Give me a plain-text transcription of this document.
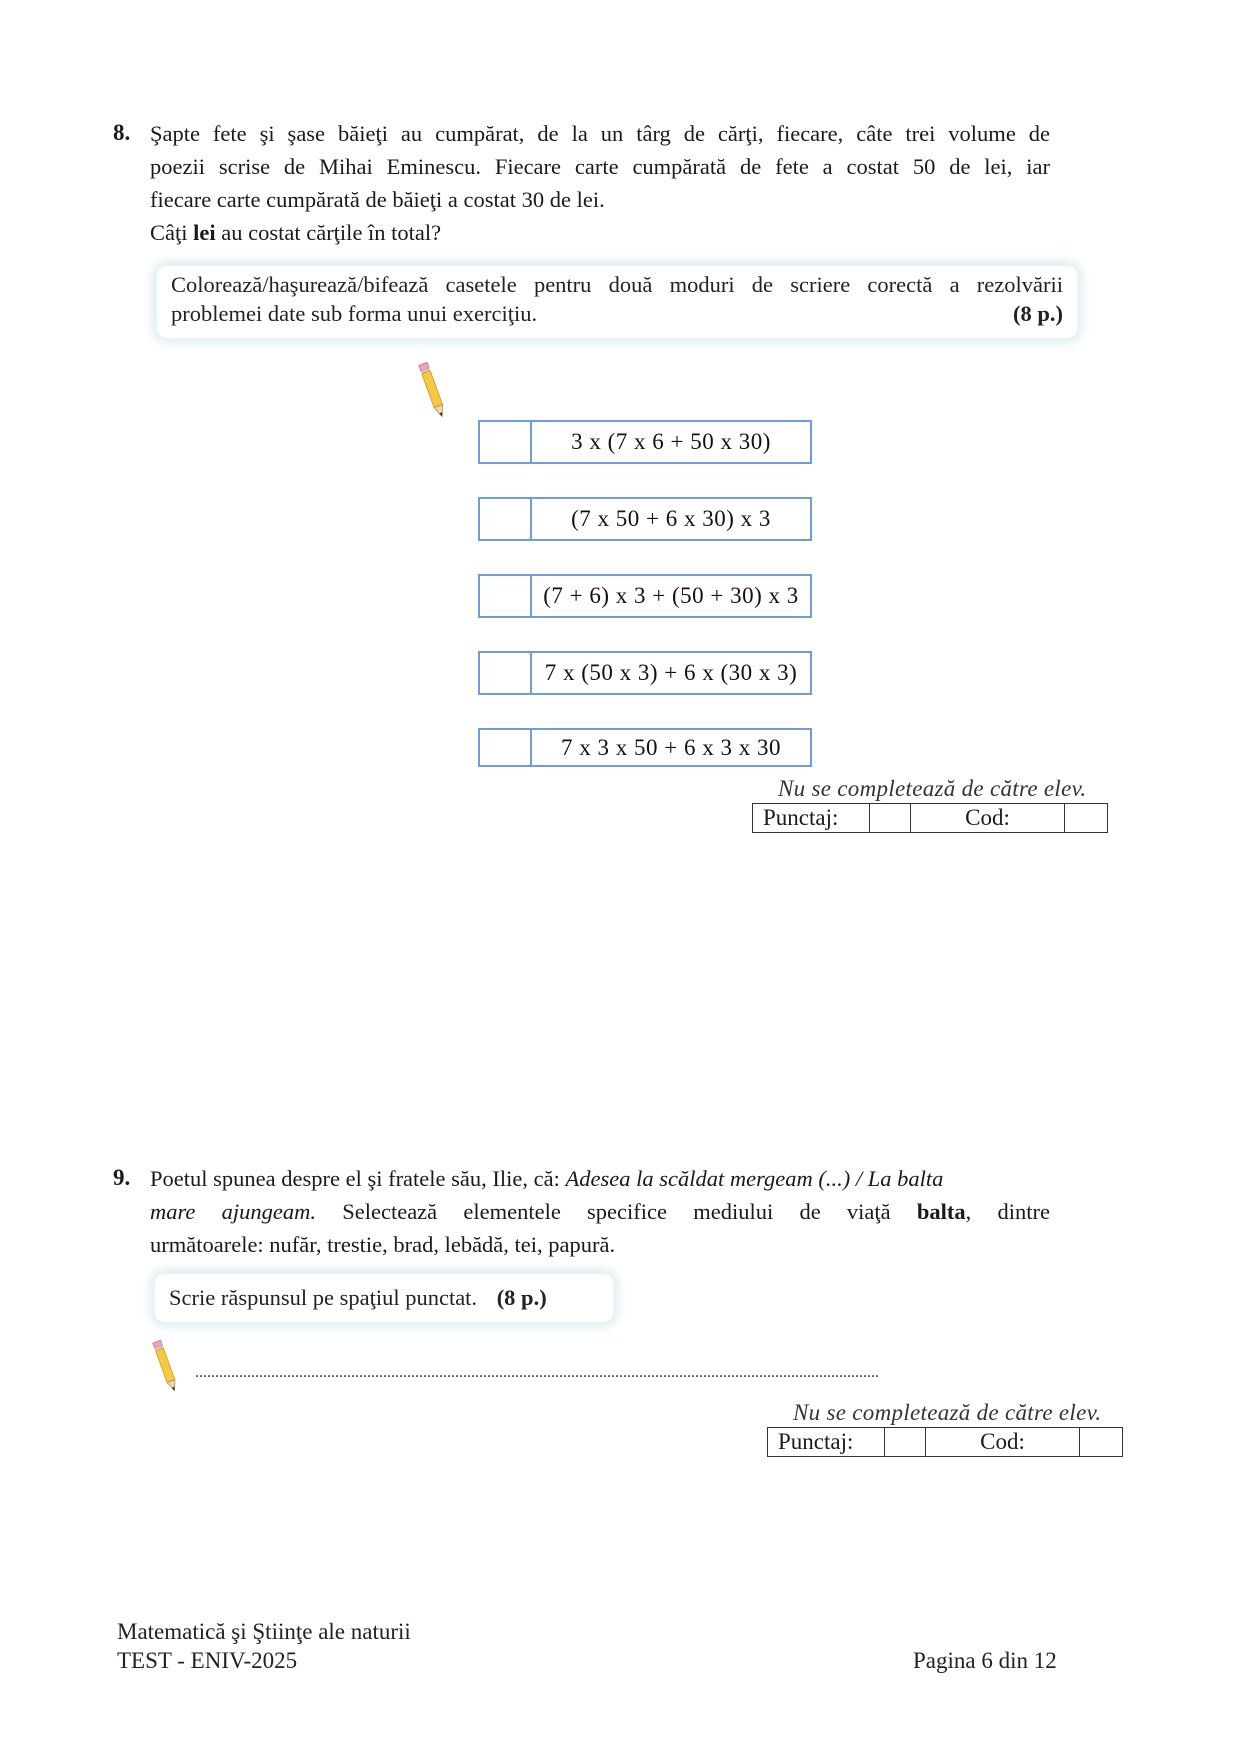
8. Şapte fete şi şase băieţi au cumpărat, de la un târg de cărţi, fiecare, câte trei volume de

poezii scrise de Mihai Eminescu. Fiecare carte cumpărată de fete a costat 50 de lei, iar

fiecare carte cumpărată de băieţi a costat 30 de lei.

Câţi lei au costat cărţile în total?

Colorează/haşurează/bifează casetele pentru două moduri de scriere corectă a rezolvării
problemei date sub forma unui exerciţiu.	(8 p.)
3 x (7 x 6 + 50 x 30)
(7 x 50 + 6 x 30) x 3
(7 + 6) x 3 + (50 + 30) x 3
7 x (50 x 3) + 6 x (30 x 3)
7 x 3 x 50 + 6 x 3 x 30
Nu se completează de către elev.
Punctaj:		Cod:	
9. Poetul spunea despre el şi fratele său, Ilie, că: Adesea la scăldat mergeam (...) / La balta

mare ajungeam. Selectează elementele specifice mediului de viaţă balta, dintre

următoarele: nufăr, trestie, brad, lebădă, tei, papură.

Scrie răspunsul pe spaţiul punctat. (8 p.)
...........................................................................................................................................................................
Nu se completează de către elev.
Punctaj:		Cod:	
Matematică şi Ştiinţe ale naturii
TEST - ENIV-2025	Pagina 6 din 12
